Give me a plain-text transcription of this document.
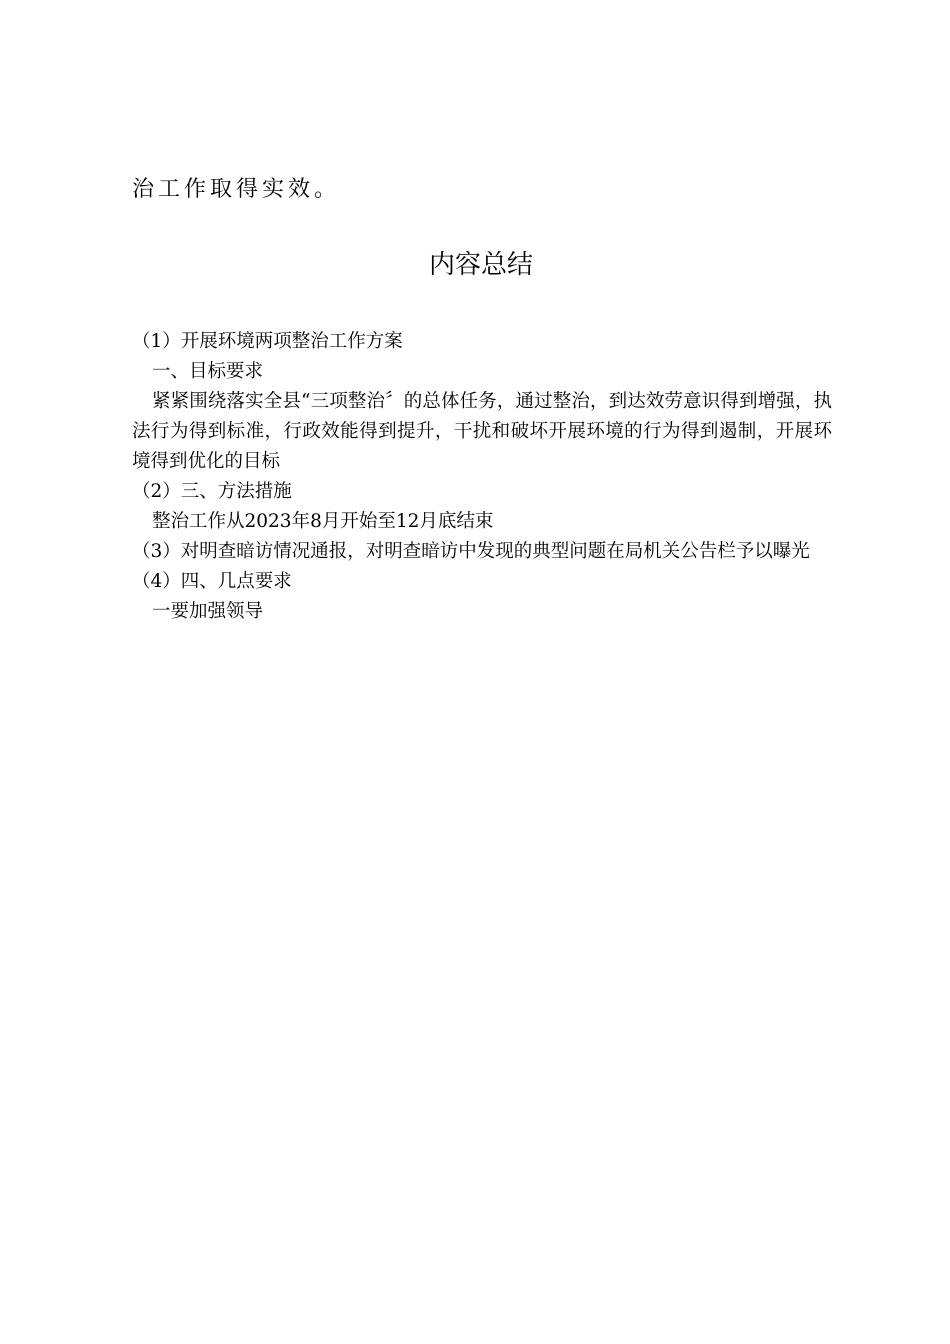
治工作取得实效。
内容总结

（1）开展环境两项整治工作方案

一、目标要求

紧紧围绕落实全县“三项整治〞的总体任务，通过整治，到达效劳意识得到增强，执法行为得到标准，行政效能得到提升，干扰和破坏开展环境的行为得到遏制，开展环境得到优化的目标

（2）三、方法措施

整治工作从2023年8月开始至12月底结束

（3）对明查暗访情况通报，对明查暗访中发现的典型问题在局机关公告栏予以曝光

（4）四、几点要求

一要加强领导
